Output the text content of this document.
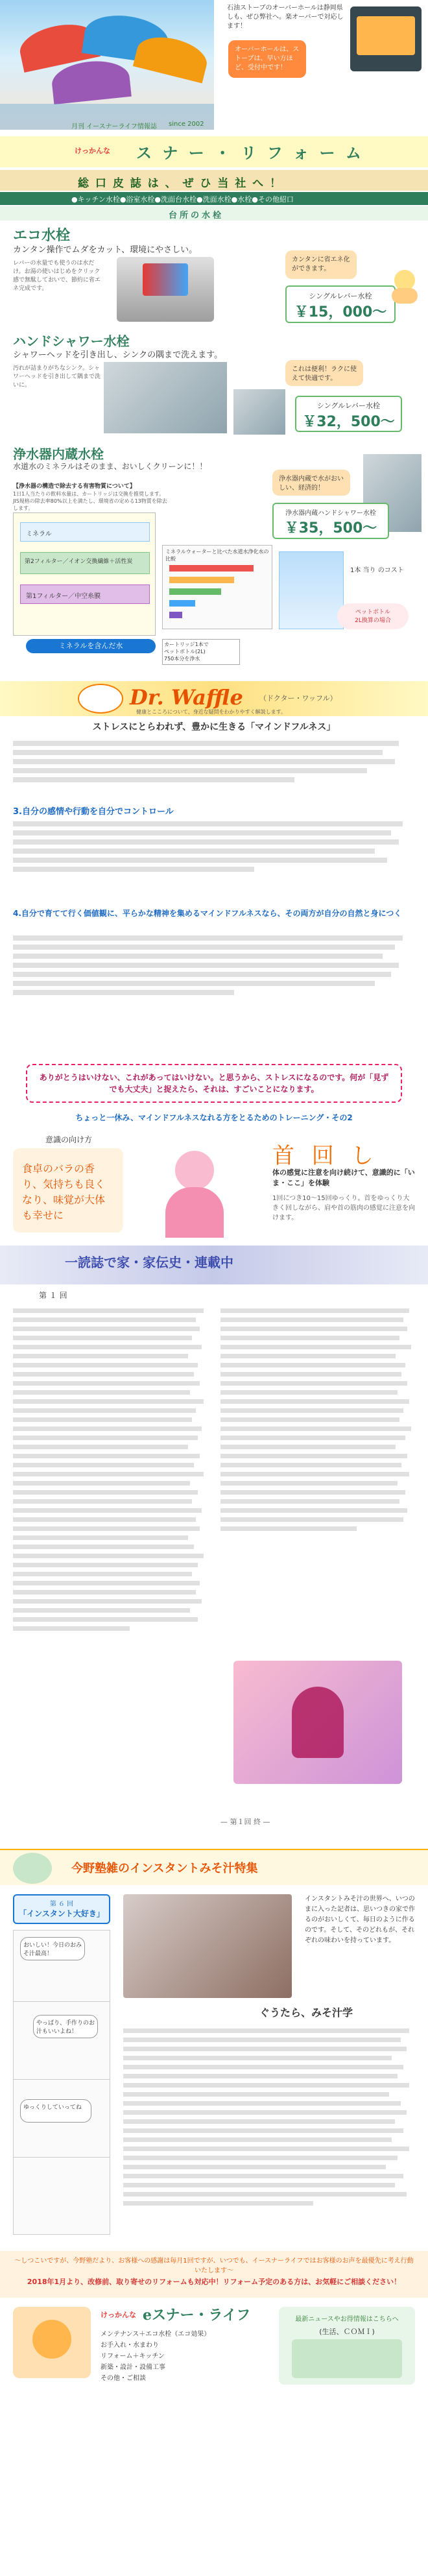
月刊 イースナーライフ情報誌 since 2002
石油ストーブのオーバーホールは静岡県しも、ぜひ弊社へ。楽オーバーで対応します！
オーバーホールは、ストーブは、早い方ほど、受付中です！
けっかんな ス ナ ー ・ リ フ ォ ー ム
総 口 皮 誌 は 、 ぜ ひ 当 社 へ ！
●キッチン水栓●浴室水栓●洗面台水栓●洗面水栓●水栓●その他紹口
台所の水栓
エコ水栓
カンタン操作でムダをカット、環境にやさしい。
レバーの水量でも使うのは水だけ。お湯の使いはじめをクリック感で無駄しておいで、節約に省エネ完成です。
カンタンに省エネ化ができます。
シングルレバー水栓
￥15，000～
ハンドシャワー水栓
シャワーヘッドを引き出し、シンクの隅まで洗えます。
汚れが詰まりがちなシンク。シャワーヘッドを引き出して隅まで洗いに。
これは便利！ラクに使えて快適です。
シングルレバー水栓
￥32，500～
浄水器内蔵水栓
水道水のミネラルはそのまま、おいしくクリーンに！！
浄水器内蔵で水がおいしい、経済的！
浄水器内蔵ハンドシャワー水栓
￥35，500～
【浄水器の構造で除去する有害物質について】
1日1人当たりの飲料水量は、カートリッジは交換を推奨します。JIS規格の除去率80%以上を満たし、環境省の定める13物質を除去します。
ミネラル
第2フィルター／イオン交換繊維＋活性炭
第1フィルター／中空糸膜
ミネラルを含んだ水
ミネラルウォーターと比べた水道水浄化水の比較
1本 当り のコスト
カートリッジ1本で
ペットボトル(2L)
750本分を浄水
ペットボトル
2L換算の場合
Dr. Waffle （ドクター・ワッフル）
健康とこころについて、身近な疑問をわかりやすく解説します。
ストレスにとらわれず、豊かに生きる「マインドフルネス」
3.自分の感情や行動を自分でコントロール
4.自分で育てて行く価値観に、平らかな精神を集めるマインドフルネスなら、その両方が自分の自然と身につく
ありがとうはいけない、これがあってはいけない。と思うから、ストレスになるのです。何が「見ずでも大丈夫」と捉えたら、それは、すごいことになります。
ちょっと一休み、マインドフルネスなれる方をとるためのトレーニング・その2
意識の向け方
食卓のバラの香り、気持ちも良くなり、味覚が大体も幸せに
首 回 し
体の感覚に注意を向け続けて、意識的に「いま・ここ」を体験
1回につき10〜15回ゆっくり。首をゆっくり大きく回しながら、肩や首の筋肉の感覚に注意を向けます。
一読誌で家・家伝史・連載中
第 １ 回
— 第１回 終 —
今野塾雑のインスタントみそ汁特集
第 ６ 回
「インスタント大好き」
おいしい！今日のおみそ汁最高！
やっぱり、手作りのお汁もいいよね！
ゆっくりしていってね
インスタントみそ汁の世界へ、いつのまに入った記者は、思いつきの家で作るのがおいしくて、毎日のように作るのです。そして、そのどれもが、それぞれの味わいを持っています。
ぐうたら、みそ汁学
～しつこいですが、今野塾だより、お客様への感謝は毎月1回ですが、いつでも、イースナーライフではお客様のお声を最優先に考え行動いたします～
2018年1月より、改修前、取り寄せのリフォームも対応中！リフォーム予定のある方は、お気軽にご相談ください！
けっかんな eスナー・ライフ
メンテナンス＋エコ水栓（エコ効果）
お手入れ・水まわり
リフォーム＋キッチン
新築・設計・設備工事
その他・ご相談
最新ニュースやお得情報はこちらへ
(生活、ＣＯＭＩ)
